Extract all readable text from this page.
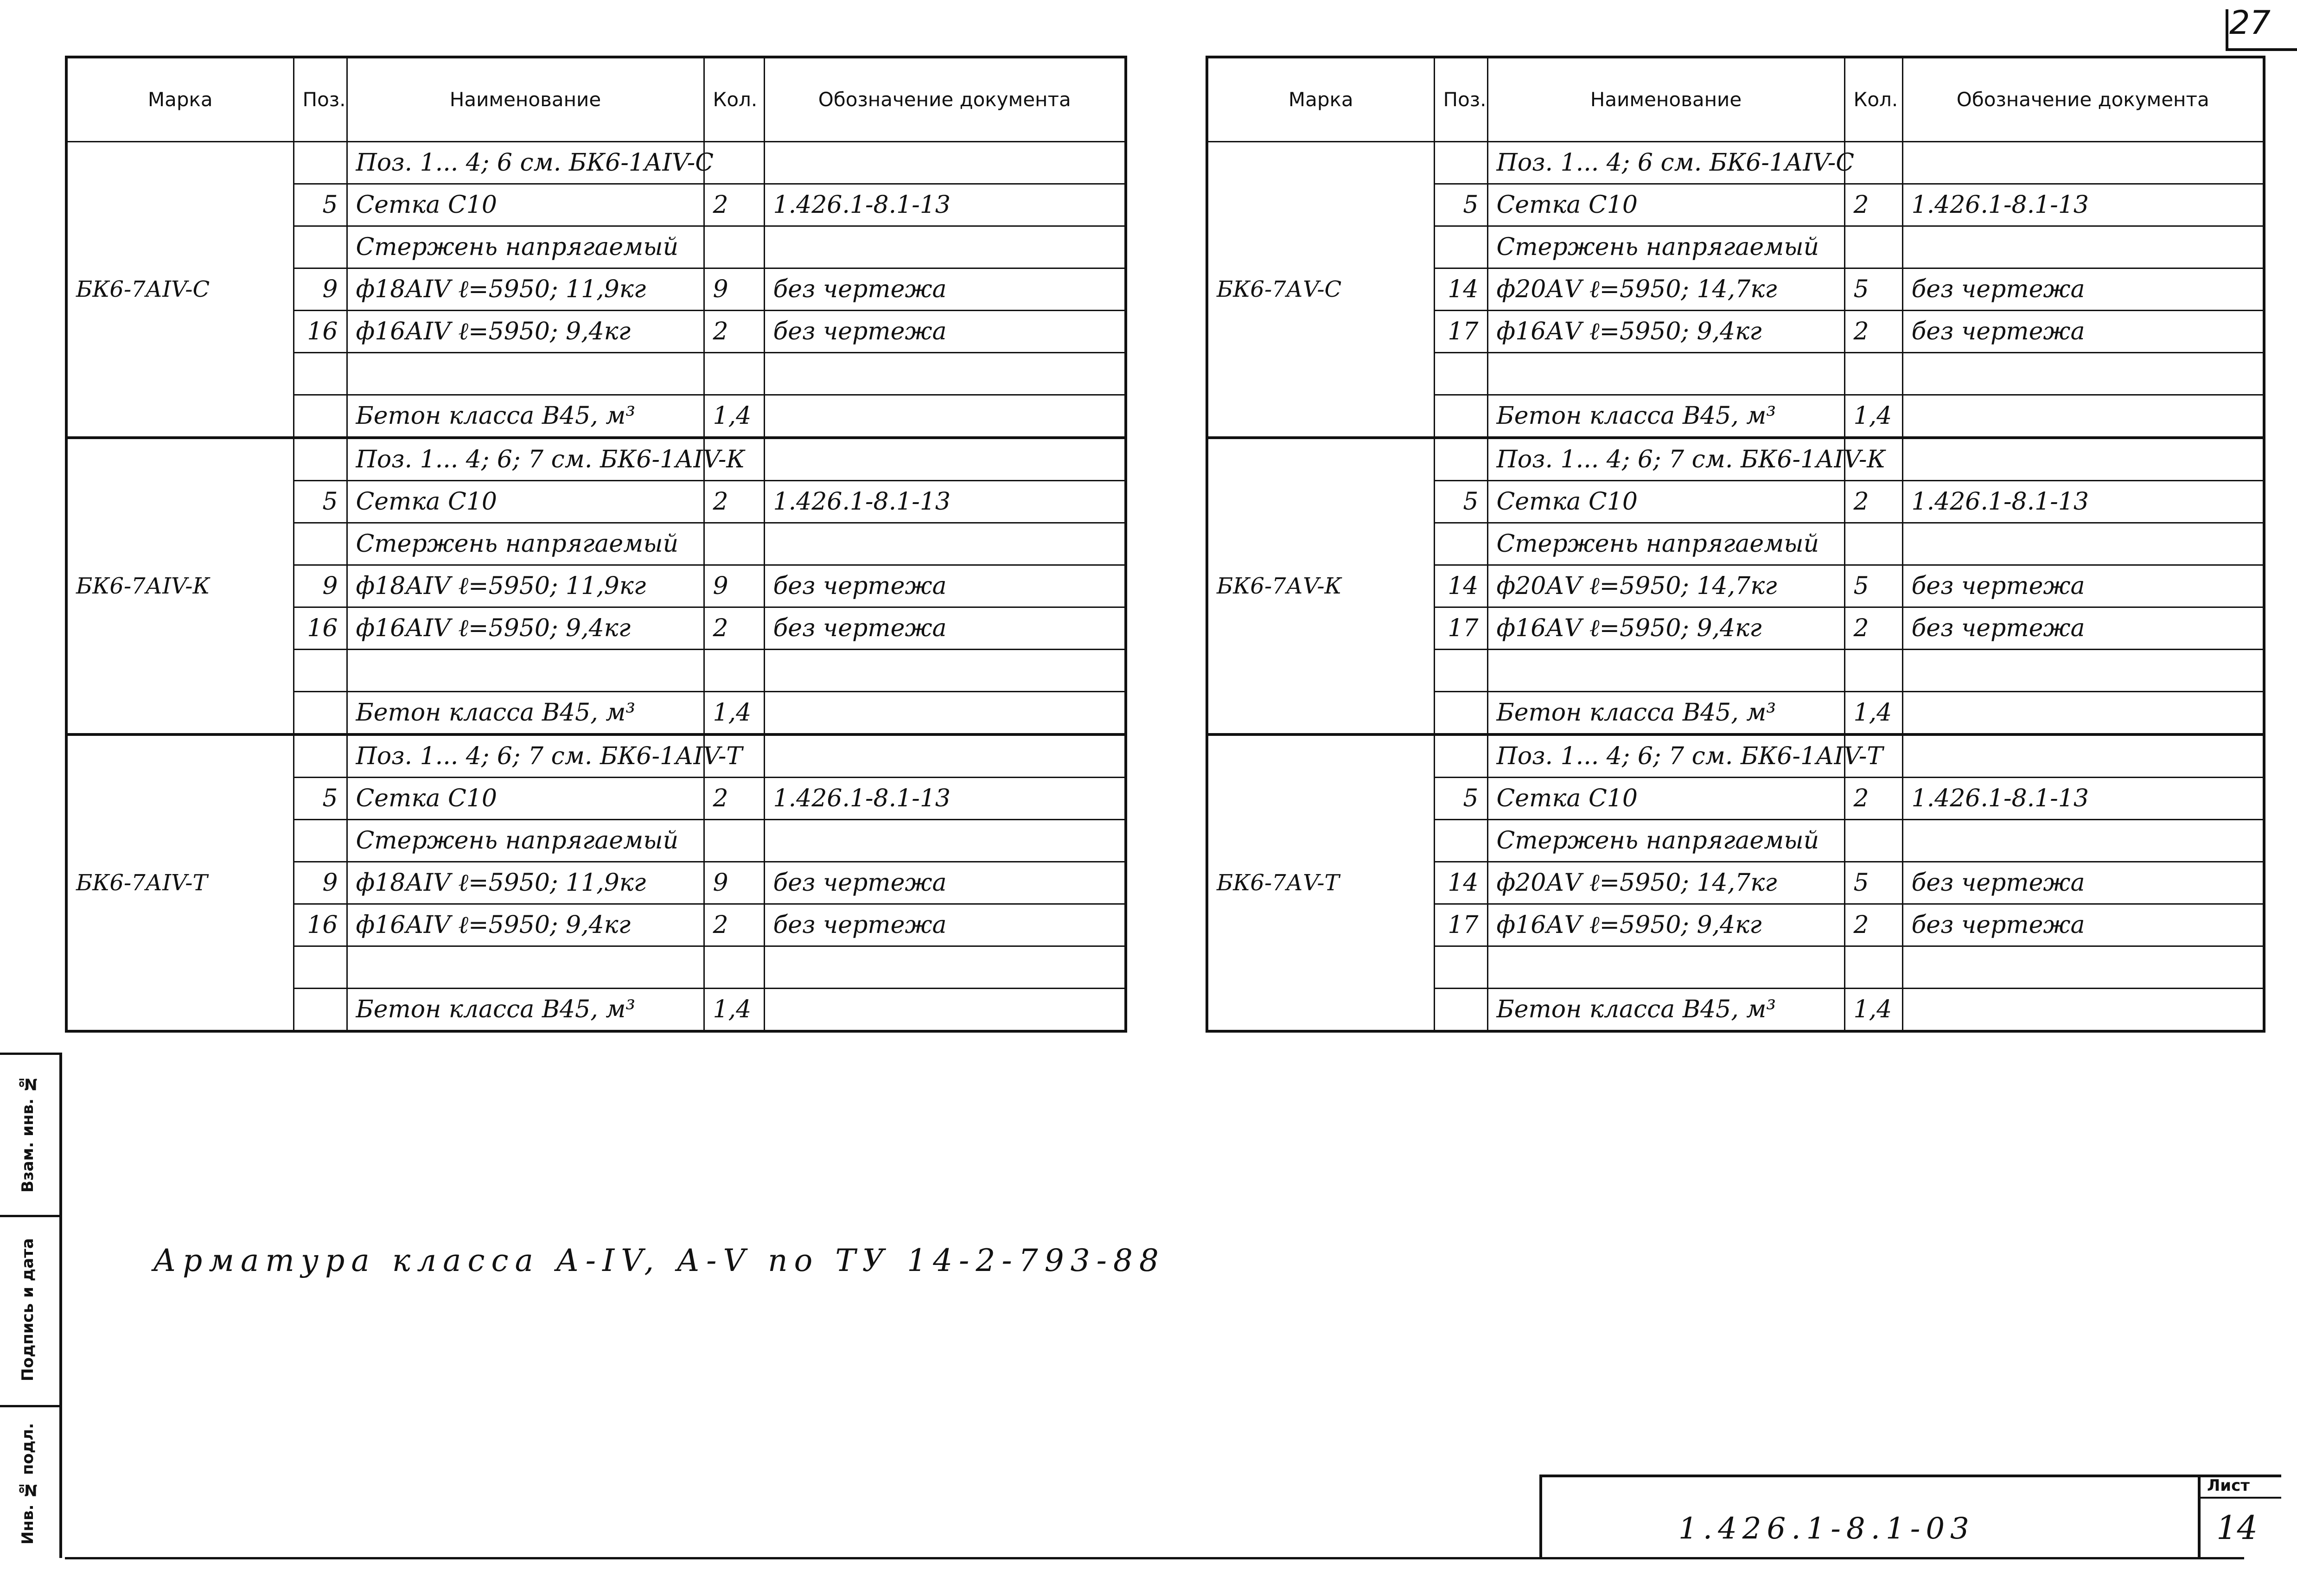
27
Инв. № подл.
Подпись и дата
Взам. инв. №
Марка	Поз.	Наименование	Кол.	Обозначение документа
БК6-7АIV-С		Поз. 1... 4; 6 см. БК6-1АIV-С		
	5	Сетка С10	2	1.426.1-8.1-13
		Стержень напрягаемый		
	9	ф18АIV ℓ=5950; 11,9кг	9	без чертежа
	16	ф16АIV ℓ=5950; 9,4кг	2	без чертежа

		Бетон класса В45, м³	1,4	
БК6-7АIV-К		Поз. 1... 4; 6; 7 см. БК6-1АIV-К		
	5	Сетка С10	2	1.426.1-8.1-13
		Стержень напрягаемый		
	9	ф18АIV ℓ=5950; 11,9кг	9	без чертежа
	16	ф16АIV ℓ=5950; 9,4кг	2	без чертежа

		Бетон класса В45, м³	1,4	
БК6-7АIV-Т		Поз. 1... 4; 6; 7 см. БК6-1АIV-Т		
	5	Сетка С10	2	1.426.1-8.1-13
		Стержень напрягаемый		
	9	ф18АIV ℓ=5950; 11,9кг	9	без чертежа
	16	ф16АIV ℓ=5950; 9,4кг	2	без чертежа

		Бетон класса В45, м³	1,4	
Марка	Поз.	Наименование	Кол.	Обозначение документа
БК6-7АV-С		Поз. 1... 4; 6 см. БК6-1АIV-С		
	5	Сетка С10	2	1.426.1-8.1-13
		Стержень напрягаемый		
	14	ф20АV ℓ=5950; 14,7кг	5	без чертежа
	17	ф16АV ℓ=5950; 9,4кг	2	без чертежа

		Бетон класса В45, м³	1,4	
БК6-7АV-К		Поз. 1... 4; 6; 7 см. БК6-1АIV-К		
	5	Сетка С10	2	1.426.1-8.1-13
		Стержень напрягаемый		
	14	ф20АV ℓ=5950; 14,7кг	5	без чертежа
	17	ф16АV ℓ=5950; 9,4кг	2	без чертежа

		Бетон класса В45, м³	1,4	
БК6-7АV-Т		Поз. 1... 4; 6; 7 см. БК6-1АIV-Т		
	5	Сетка С10	2	1.426.1-8.1-13
		Стержень напрягаемый		
	14	ф20АV ℓ=5950; 14,7кг	5	без чертежа
	17	ф16АV ℓ=5950; 9,4кг	2	без чертежа

		Бетон класса В45, м³	1,4	
Арматура класса А-IV, А-V по ТУ 14-2-793-88
1.426.1-8.1-03
Лист
14
